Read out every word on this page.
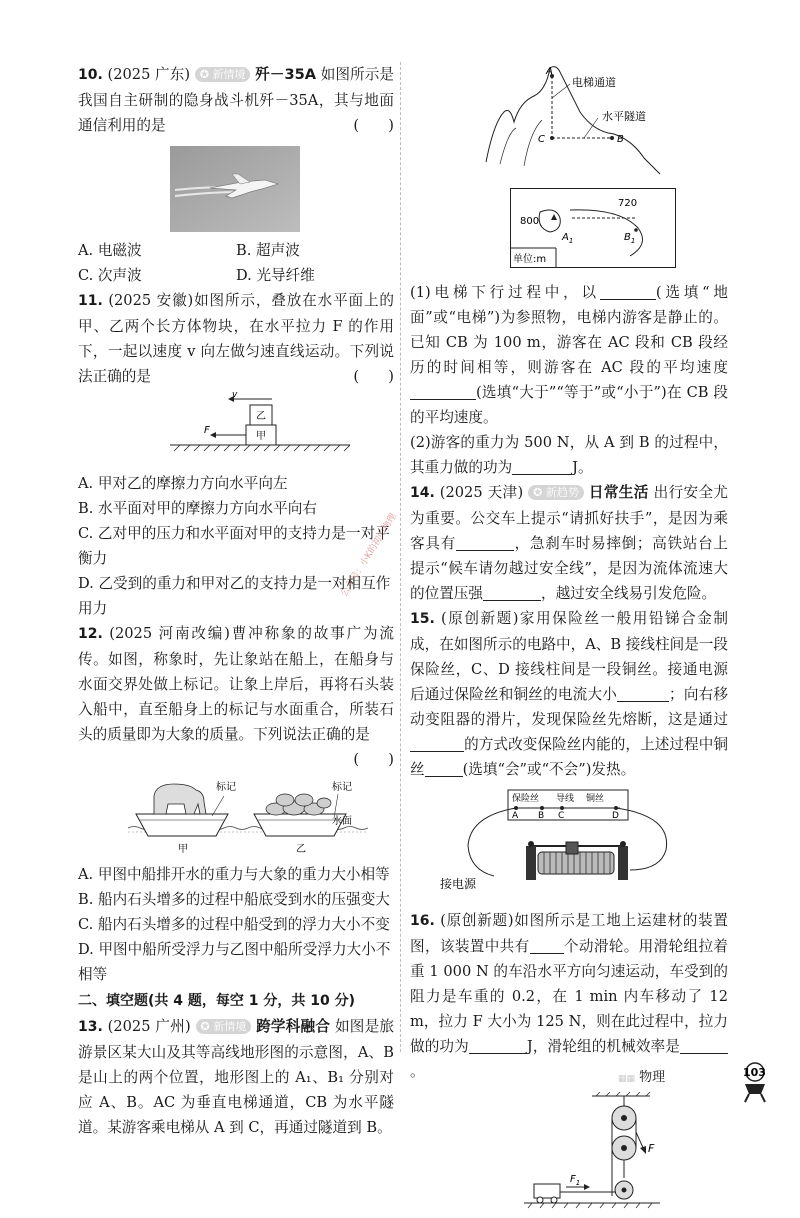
公众号：小K的初中物理

10. (2025 广东) ✪ 新情境 歼－35A 如图所示是我国自主研制的隐身战斗机歼－35A，其与地面通信利用的是	(　　)

A. 电磁波	B. 超声波
C. 次声波	D. 光导纤维

11. (2025 安徽)如图所示，叠放在水平面上的甲、乙两个长方体物块，在水平拉力 F 的作用下，一起以速度 v 向左做匀速直线运动。下列说法正确的是	(　　)

v
乙
甲
F
A. 甲对乙的摩擦力方向水平向左
B. 水平面对甲的摩擦力方向水平向右
C. 乙对甲的压力和水平面对甲的支持力是一对平衡力
D. 乙受到的重力和甲对乙的支持力是一对相互作用力

12. (2025 河南改编)曹冲称象的故事广为流传。如图，称象时，先让象站在船上，在船身与水面交界处做上标记。让象上岸后，再将石头装入船中，直至船身上的标记与水面重合，所装石头的质量即为大象的质量。下列说法正确的是
(　　)

标记	标记
水面
甲	乙
A. 甲图中船排开水的重力与大象的重力大小相等
B. 船内石头增多的过程中船底受到水的压强变大
C. 船内石头增多的过程中船受到的浮力大小不变
D. 甲图中船所受浮力与乙图中船所受浮力大小不相等
二、填空题(共 4 题，每空 1 分，共 10 分)

13. (2025 广州) ✪ 新情境 跨学科融合 如图是旅游景区某大山及其等高线地形图的示意图，A、B 是山上的两个位置，地形图上的 A₁、B₁ 分别对应 A、B。AC 为垂直电梯通道，CB 为水平隧道。某游客乘电梯从 A 到 C，再通过隧道到 B。

A
C	B
电梯通道
水平隧道
800
720
$A_1$	$B_1$
单位:m

(1)电梯下行过程中，以	(选填“地面”或“电梯”)为参照物，电梯内游客是静止的。已知 CB 为 100 m，游客在 AC 段和 CB 段经历的时间相等，则游客在 AC 段的平均速度(选填“大于”“等于”或“小于”)在 CB 段的平均速度。

(2)游客的重力为 500 N，从 A 到 B 的过程中，其重力做的功为	J。

14. (2025 天津) ✪ 新趋势 日常生活 出行安全尤为重要。公交车上提示“请抓好扶手”，是因为乘客具有	，急刹车时易摔倒；高铁站台上提示“候车请勿越过安全线”，是因为流体流速大的位置压强	，越过安全线易引发危险。

15. (原创新题)家用保险丝一般用铅锑合金制成，在如图所示的电路中，A、B 接线柱间是一段保险丝，C、D 接线柱间是一段铜丝。接通电源后通过保险丝和铜丝的电流大小	；向右移动变阻器的滑片，发现保险丝先熔断，这是通过的方式改变保险丝内能的，上述过程中铜丝	(选填“会”或“不会”)发热。

保险丝 导线 铜丝
A B C	D
接电源

16. (原创新题)如图所示是工地上运建材的装置图，该装置中共有 个动滑轮。用滑轮组拉着重 1 000 N 的车沿水平方向匀速运动，车受到的阻力是车重的 0.2，在 1 min 内车移动了 12 m，拉力 F 大小为 125 N，则在此过程中，拉力做的功为	J，滑轮组的机械效率是。

F
$F_1$
▦▦ 物理	103
